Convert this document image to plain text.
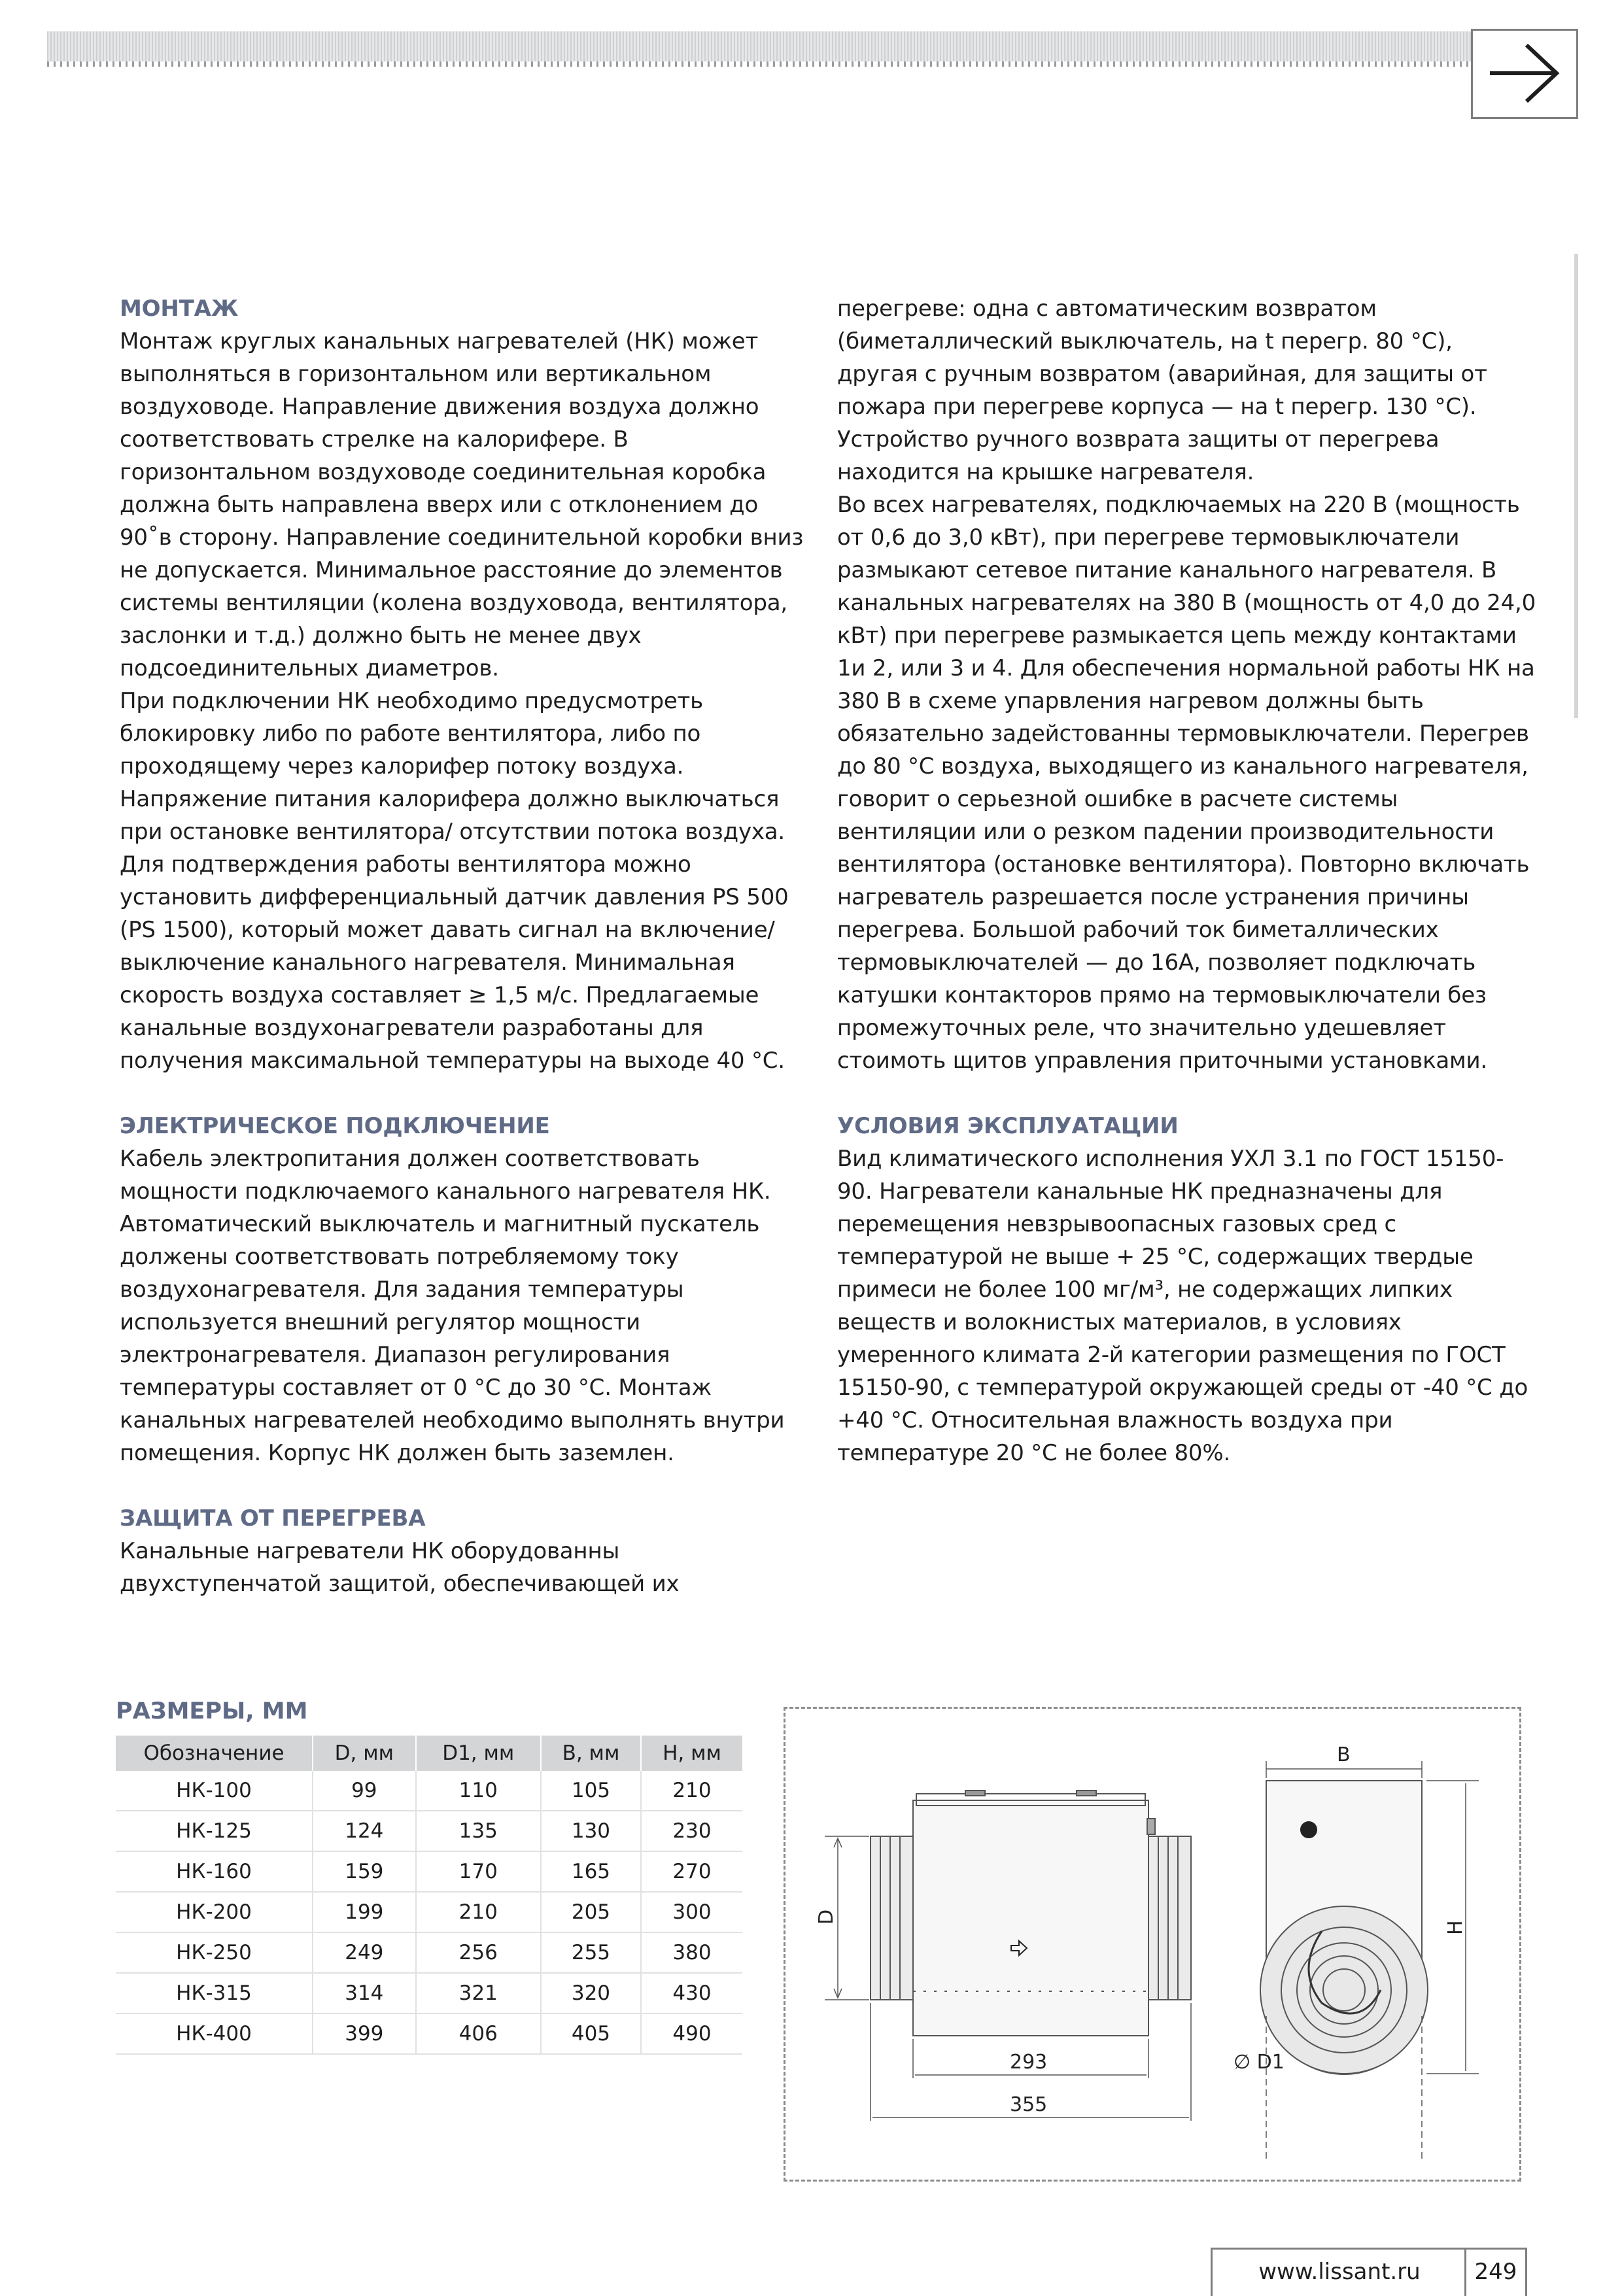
МОНТАЖ

Монтаж круглых канальных нагревателей (НК) может выполняться в горизонтальном или вертикальном воздуховоде. Направление движения воздуха должно соответствовать стрелке на калорифере. В горизонтальном воздуховоде соединительная коробка должна быть направлена вверх или с отклонением до 90˚в сторону. Направление соединительной коробки вниз не допускается. Минимальное расстояние до элементов системы вентиляции (колена воздуховода, вентилятора, заслонки и т.д.) должно быть не менее двух подсоединительных диаметров.

При подключении НК необходимо предусмотреть блокировку либо по работе вентилятора, либо по проходящему через калорифер потоку воздуха. Напряжение питания калорифера должно выключаться при остановке вентилятора/ отсутствии потока воздуха. Для подтверждения работы вентилятора можно установить дифференциальный датчик давления PS 500 (PS 1500), который может давать сигнал на включение/выключение канального нагревателя. Минимальная скорость воздуха составляет ≥ 1,5 м/с. Предлагаемые канальные воздухонагреватели разработаны для получения максимальной температуры на выходе 40 °С.

ЭЛЕКТРИЧЕСКОЕ ПОДКЛЮЧЕНИЕ

Кабель электропитания должен соответствовать мощности подключаемого канального нагревателя НК. Автоматический выключатель и магнитный пускатель должены соответствовать потребляемому току воздухонагревателя. Для задания температуры используется внешний регулятор мощности электронагревателя. Диапазон регулирования температуры составляет от 0 °С до 30 °С. Монтаж канальных нагревателей необходимо выполнять внутри помещения. Корпус НК должен быть заземлен.

ЗАЩИТА ОТ ПЕРЕГРЕВА

Канальные нагреватели НК оборудованны двухступенчатой защитой, обеспечивающей их

перегреве: одна с автоматическим возвратом (биметаллический выключатель, на t перегр. 80 °С), другая с ручным возвратом (аварийная, для защиты от пожара при перегреве корпуса — на t перегр. 130 °С). Устройство ручного возврата защиты от перегрева находится на крышке нагревателя.

Во всех нагревателях, подключаемых на 220 В (мощность от 0,6 до 3,0 кВт), при перегреве термовыключатели размыкают сетевое питание канального нагревателя. В канальных нагревателях на 380 В (мощность от 4,0 до 24,0 кВт) при перегреве размыкается цепь между контактами 1и 2, или 3 и 4. Для обеспечения нормальной работы НК на 380 В в схеме упарвления нагревом должны быть обязательно задейстованны термовыключатели. Перегрев до 80 °С воздуха, выходящего из канального нагревателя, говорит о серьезной ошибке в расчете системы вентиляции или о резком падении производительности вентилятора (остановке вентилятора). Повторно включать нагреватель разрешается после устранения причины перегрева. Большой рабочий ток биметаллических термовыключателей — до 16А, позволяет подключать катушки контакторов прямо на термовыключатели без промежуточных реле, что значительно удешевляет стоимоть щитов управления приточными установками.

УСЛОВИЯ ЭКСПЛУАТАЦИИ

Вид климатического исполнения УХЛ 3.1 по ГОСТ 15150-90. Нагреватели канальные НК предназначены для перемещения невзрывоопасных газовых сред с температурой не выше + 25 °С, содержащих твердые примеси не более 100 мг/м³, не содержащих липких веществ и волокнистых материалов, в условиях умеренного климата 2-й категории размещения по ГОСТ 15150-90, с температурой окружающей среды от -40 °С до +40 °С. Относительная влажность воздуха при температуре 20 °С не более 80%.

РАЗМЕРЫ, ММ
Обозначение	D, мм	D1, мм	B, мм	H, мм
НК-100	99	110	105	210
НК-125	124	135	130	230
НК-160	159	170	165	270
НК-200	199	210	205	300
НК-250	249	256	255	380
НК-315	314	321	320	430
НК-400	399	406	405	490
D
293
355
B
H
∅ D1
www.lissant.ru	249
